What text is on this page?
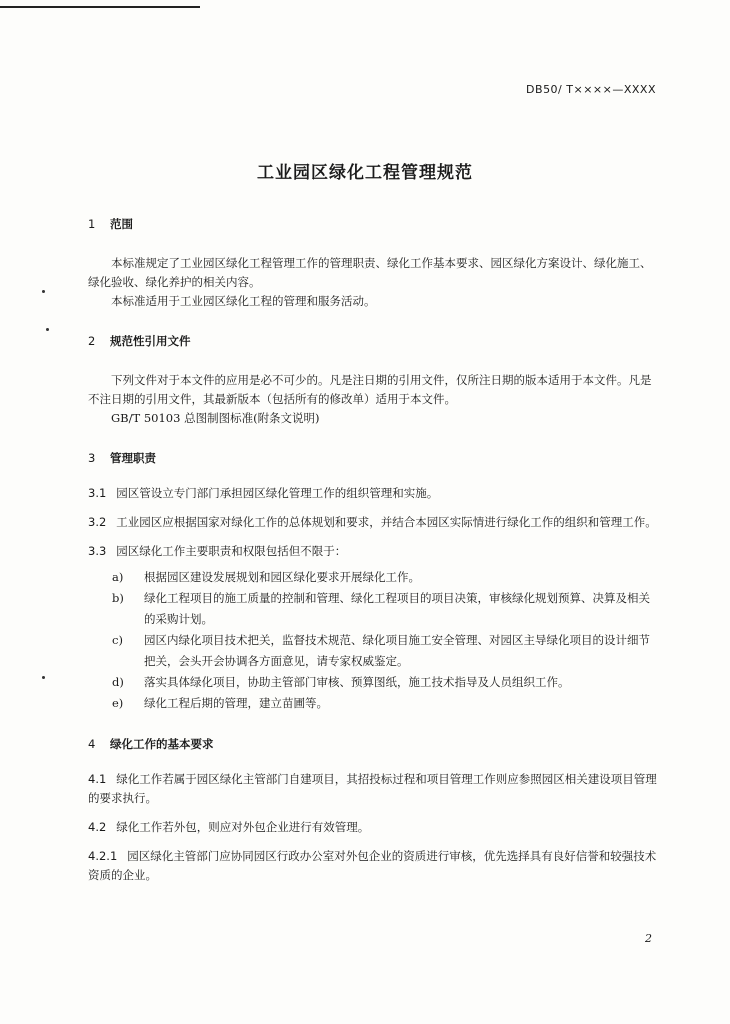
DB50/ T××××—XXXX
工业园区绿化工程管理规范
1 范围

本标准规定了工业园区绿化工程管理工作的管理职责、绿化工作基本要求、园区绿化方案设计、绿化施工、绿化验收、绿化养护的相关内容。

本标准适用于工业园区绿化工程的管理和服务活动。

2 规范性引用文件

下列文件对于本文件的应用是必不可少的。凡是注日期的引用文件，仅所注日期的版本适用于本文件。凡是不注日期的引用文件，其最新版本（包括所有的修改单）适用于本文件。

GB/T 50103 总图制图标准(附条文说明)

3 管理职责

3.1 园区管设立专门部门承担园区绿化管理工作的组织管理和实施。

3.2 工业园区应根据国家对绿化工作的总体规划和要求，并结合本园区实际情进行绿化工作的组织和管理工作。

3.3 园区绿化工作主要职责和权限包括但不限于：

a) 根据园区建设发展规划和园区绿化要求开展绿化工作。
b) 绿化工程项目的施工质量的控制和管理、绿化工程项目的项目决策，审核绿化规划预算、决算及相关的采购计划。
c) 园区内绿化项目技术把关，监督技术规范、绿化项目施工安全管理、对园区主导绿化项目的设计细节把关，会头开会协调各方面意见，请专家权威鉴定。
d) 落实具体绿化项目，协助主管部门审核、预算图纸，施工技术指导及人员组织工作。
e) 绿化工程后期的管理，建立苗圃等。
4 绿化工作的基本要求

4.1 绿化工作若属于园区绿化主管部门自建项目，其招投标过程和项目管理工作则应参照园区相关建设项目管理的要求执行。

4.2 绿化工作若外包，则应对外包企业进行有效管理。

4.2.1 园区绿化主管部门应协同园区行政办公室对外包企业的资质进行审核，优先选择具有良好信誉和较强技术资质的企业。

2
